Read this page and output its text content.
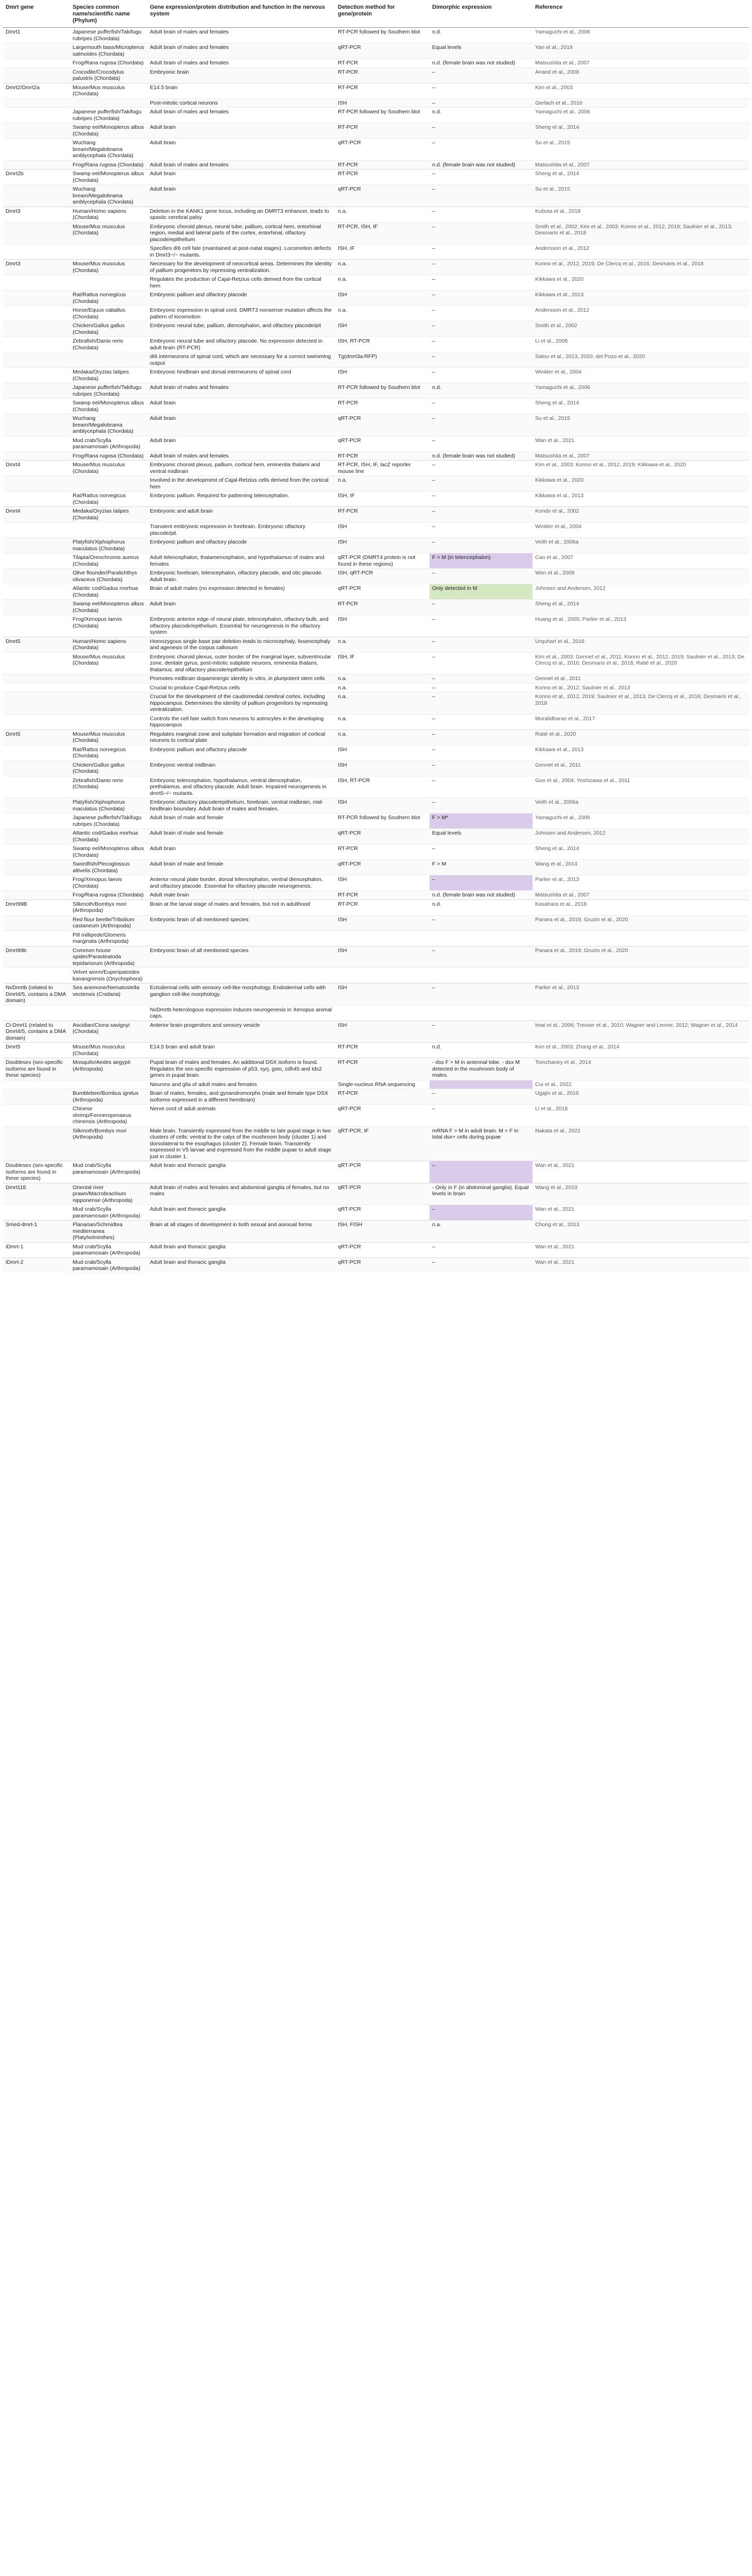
Dmrt gene	Species common name/scientific name (Phylum)	Gene expression/protein distribution and function in the nervous system	Detection method for gene/protein	Dimorphic expression	Reference
Dmrt1	Japanese pufferfish/Takifugu rubripes (Chordata)	Adult brain of males and females	RT-PCR followed by Southern blot	n.d.	Yamaguchi et al., 2006
	Largemouth bass/Micropterus salmoides (Chordata)	Adult brain of males and females	qRT-PCR	Equal levels	Yan et al., 2019
	Frog/Rana rugosa (Chordata)	Adult brain of males and females	RT-PCR	n.d. (female brain was not studied)	Matsushita et al., 2007
	Crocodile/Crocodylus palustris (Chordata)	Embryonic brain	RT-PCR	–	Anand et al., 2008
Dmrt2/Dmrt2a	Mouse/Mus musculus (Chordata)	E14.5 brain	RT-PCR	–	Kim et al., 2003
		Post-mitotic cortical neurons	ISH	–	Gerlach et al., 2016
	Japanese pufferfish/Takifugu rubripes (Chordata)	Adult brain of males and females	RT-PCR followed by Southern blot	n.d.	Yamaguchi et al., 2006
	Swamp eel/Monopterus albus (Chordata)	Adult brain	RT-PCR	–	Sheng et al., 2014
	Wuchang bream/Megalobrama amblycephala (Chordata)	Adult brain	qRT-PCR	–	Su et al., 2015
	Frog/Rana rugosa (Chordata)	Adult brain of males and females	RT-PCR	n.d. (female brain was not studied)	Matsushita et al., 2007
Dmrt2b	Swamp eel/Monopterus albus (Chordata)	Adult brain	RT-PCR	–	Sheng et al., 2014
	Wuchang bream/Megalobrama amblycephala (Chordata)	Adult brain	qRT-PCR	–	Su et al., 2015
Dmrt3	Human/Homo sapiens (Chordata)	Deletion in the KANK1 gene locus, including an DMRT3 enhancer, leads to spastic cerebral palsy	n.a.	–	Kubota et al., 2018
	Mouse/Mus musculus (Chordata)	Embryonic choroid plexus, neural tube, pallium, cortical hem, entorhinal region, medial and lateral parts of the cortex, entorhinal, olfactory placode/epithelium	RT-PCR, ISH, IF	–	Smith et al., 2002; Kim et al., 2003; Konno et al., 2012, 2019; Saulnier et al., 2013; Desmaris et al., 2018
		Specifies dI6 cell fate (maintained at post-natal stages). Locomotion defects in Dmrt3−/− mutants.	ISH, IF	–	Andersson et al., 2012
Dmrt3	Mouse/Mus musculus (Chordata)	Necessary for the development of neocortical areas. Determines the identity of pallium progenitors by repressing ventralization.	n.a.	–	Konno et al., 2012, 2019; De Clercq et al., 2016; Desmaris et al., 2018
		Regulates the production of Cajal-Retzius cells derived from the cortical hem	n.a.	–	Kikkawa et al., 2020
	Rat/Rattus norvegicus (Chordata)	Embryonic pallium and olfactory placode	ISH	–	Kikkawa et al., 2013
	Horse/Equus caballus (Chordata)	Embryonic expression in spinal cord. DMRT3 nonsense mutation affects the pattern of locomotion	n.a.	–	Andersson et al., 2012
	Chicken/Gallus gallus (Chordata)	Embryonic neural tube, pallium, diencephalon, and olfactory placode/pit	ISH	–	Smith et al., 2002
	Zebrafish/Danio rerio (Chordata)	Embryonic neural tube and olfactory placode. No expression detected in adult brain (RT-PCR)	ISH, RT-PCR	–	Li et al., 2008
		dI6 interneurons of spinal cord, which are necessary for a correct swimming output	Tg(dmrt3a:RFP)	–	Satou et al., 2013, 2020; del Pozo et al., 2020
	Medaka/Oryzias latipes (Chordata)	Embryonic hindbrain and dorsal interneurons of spinal cord	ISH	–	Winkler et al., 2004
	Japanese pufferfish/Takifugu rubripes (Chordata)	Adult brain of males and females	RT-PCR followed by Southern blot	n.d.	Yamaguchi et al., 2006
	Swamp eel/Monopterus albus (Chordata)	Adult brain	RT-PCR	–	Sheng et al., 2014
	Wuchang bream/Megalobrama amblycephala (Chordata)	Adult brain	qRT-PCR	–	Su et al., 2015
	Mud crab/Scylla paramamosain (Arthropoda)	Adult brain	qRT-PCR	–	Wan et al., 2021
	Frog/Rana rugosa (Chordata)	Adult brain of males and females	RT-PCR	n.d. (female brain was not studied)	Matsushita et al., 2007
Dmrt4	Mouse/Mus musculus (Chordata)	Embryonic choroid plexus, pallium, cortical hem, eminentia thalami and ventral midbrain	RT-PCR, ISH, IF, lacZ reporter mouse line	–	Kim et al., 2003; Konno et al., 2012, 2019; Kikkawa et al., 2020
		Involved in the development of Cajal-Retzius cells derived from the cortical hem	n.a.	–	Kikkawa et al., 2020
	Rat/Rattus norvegicus (Chordata)	Embryonic pallium. Required for patterning telencephalon.	ISH, IF	–	Kikkawa et al., 2013
Dmrt4	Medaka/Oryzias latipes (Chordata)	Embryonic and adult brain	RT-PCR	–	Kondo et al., 2002
		Transient embryonic expression in forebrain. Embryonic olfactory placode/pit.	ISH	–	Winkler et al., 2004
	Platyfish/Xiphophorus maculatus (Chordata)	Embryonic pallium and olfactory placode	ISH	–	Veith et al., 2006a
	Tilapia/Oreochromis aureus (Chordata)	Adult telencephalon, thalamencephalon, and hypothalamus of males and females	qRT-PCR (DMRT4 protein is not found in these regions)	F > M (in telencephalon)	Cao et al., 2007
	Olive flounder/Paralichthys olivaceus (Chordata)	Embryonic forebrain, telencephalon, olfactory placode, and otic placode. Adult brain.	ISH, qRT-PCR	–	Wen et al., 2009
	Atlantic cod/Gadus morhua (Chordata)	Brain of adult males (no expression detected in females)	qRT-PCR	Only detected in M	Johnsen and Andersen, 2012
	Swamp eel/Monopterus albus (Chordata)	Adult brain	RT-PCR	–	Sheng et al., 2014
	Frog/Xenopus laevis (Chordata)	Embryonic anterior edge of neural plate, telencephalon, olfactory bulb, and olfactory placode/epithelium. Essential for neurogenesis in the olfactory system	ISH	–	Huang et al., 2005; Parlier et al., 2013
Dmrt5	Human/Homo sapiens (Chordata)	Homozygous single base pair deletion leads to microcephaly, lissencephaly and agenesis of the corpus callosum	n.a.	–	Urquhart et al., 2016
	Mouse/Mus musculus (Chordata)	Embryonic choroid plexus, outer border of the marginal layer, subventricular zone, dentate gyrus, post-mitotic subplate neurons, eminentia thalami, thalamus, and olfactory placode/epithelium	ISH, IF	–	Kim et al., 2003; Gennet et al., 2011; Konno et al., 2012, 2019; Saulnier et al., 2013; De Clercq et al., 2016; Desmaris et al., 2018; Ratié et al., 2020
		Promotes midbrain dopaminergic identity in vitro, in pluripotent stem cells	n.a.	–	Gennet et al., 2011
		Crucial to produce Cajal-Retzius cells	n.a.	–	Konno et al., 2012; Saulnier et al., 2013
		Crucial for the development of the caudomedial cerebral cortex, including hippocampus. Determines the identity of pallium progenitors by repressing ventralization.	n.a.	–	Konno et al., 2012, 2019; Saulnier et al., 2013; De Clercq et al., 2016; Desmaris et al., 2018
		Controls the cell fate switch from neurons to astrocytes in the developing hippocampus	n.a.	–	Muralidharan et al., 2017
Dmrt5	Mouse/Mus musculus (Chordata)	Regulates marginal zone and subplate formation and migration of cortical neurons to cortical plate	n.a.	–	Ratié et al., 2020
	Rat/Rattus norvegicus (Chordata)	Embryonic pallium and olfactory placode	ISH	–	Kikkawa et al., 2013
	Chicken/Gallus gallus (Chordata)	Embryonic ventral midbrain	ISH	–	Gennet et al., 2011
	Zebrafish/Danio rerio (Chordata)	Embryonic telencephalon, hypothalamus, ventral diencephalon, prethalamus, and olfactory placode. Adult brain. Impaired neurogenesis in dmrt5−/− mutants.	ISH, RT-PCR	–	Guo et al., 2004; Yoshizawa et al., 2011
	Platyfish/Xiphophorus maculatus (Chordata)	Embryonic olfactory placode/epithelium, forebrain, ventral midbrain, mid-hindbrain boundary. Adult brain of males and females.	ISH	–	Veith et al., 2006a
	Japanese pufferfish/Takifugu rubripes (Chordata)	Adult brain of male and female	RT-PCR followed by Southern blot	F > M*	Yamaguchi et al., 2006
	Atlantic cod/Gadus morhua (Chordata)	Adult brain of male and female	qRT-PCR	Equal levels	Johnsen and Andersen, 2012
	Swamp eel/Monopterus albus (Chordata)	Adult brain	RT-PCR	–	Sheng et al., 2014
	Swordfish/Plecoglossus altivelis (Chordata)	Adult brain of male and female	qRT-PCR	F > M	Wang et al., 2014
	Frog/Xenopus laevis (Chordata)	Anterior neural plate border, dorsal telencephalon, ventral diencephalon, and olfactory placode. Essential for olfactory placode neurogenesis.	ISH	–	Parlier et al., 2013
	Frog/Rana rugosa (Chordata)	Adult male brain	RT-PCR	n.d. (female brain was not studied)	Matsushita et al., 2007
Dmrt99B	Silkmoth/Bombyx mori (Arthropoda)	Brain at the larval stage of males and females, but not in adulthood	RT-PCR	n.d.	Kasahara et al., 2018
	Red flour beetle/Tribolium castaneum (Arthropoda)	Embryonic brain of all mentioned species	ISH	–	Panara et al., 2019; Gruzin et al., 2020
	Pill millipede/Glomeris marginata (Arthropoda)				
Dmrt99b	Common house spider/Parasteatoda tepidariorum (Arthropoda)	Embryonic brain of all mentioned species	ISH	–	Panara et al., 2019; Gruzin et al., 2020
	Velvet worm/Euperipatoides kanangrensis (Onychophora)				
NvDmrtb (related to Dmrt4/5, contains a DMA domain)	Sea anemone/Nematostella vectensis (Cnidaria)	Ectodermal cells with sensory cell-like morphology. Endodermal cells with ganglion cell-like morphology.	ISH	–	Parlier et al., 2013
		NvDmrtb heterologous expression induces neurogenesis in Xenopus animal caps.			
Ci-Dmrt1 (related to Dmrt4/5, contains a DMA domain)	Ascidian/Ciona savignyi (Chordata)	Anterior brain progenitors and sensory vesicle	ISH	–	Imai et al., 2006; Tresser et al., 2010; Wagner and Levine, 2012; Wagner et al., 2014
Dmrt5	Mouse/Mus musculus (Chordata)	E14.5 brain and adult brain	RT-PCR	n.d.	Kim et al., 2003; Zhang et al., 2014
Doublesex (sex-specific isoforms are found in these species)	Mosquito/Aedes aegypti (Arthropoda)	Pupal brain of males and females. An additional DSX isoform is found. Regulates the sex-specific expression of p53, syrj, gsto, cdh45 and Ids2 genes in pupal brain.	RT-PCR	- dsx F > M in antennal lobe. - dsx M detected in the mushroom body of males.	Tomchaney et al., 2014
		Neurons and glia of adult males and females	Single-nucleus RNA sequencing		Cui et al., 2022
	Bumblebee/Bombus ignitus (Arthropoda)	Brain of males, females, and gynandromorphs (male and female type DSX isoforms expressed in a different hemibrain)	RT-PCR	–	Ugajin et al., 2016
	Chinese shrimp/Fenneropenaeus chinensis (Arthropoda)	Nerve cord of adult animals	qRT-PCR	–	Li et al., 2018
	Silkmoth/Bombyx mori (Arthropoda)	Male brain. Transiently expressed from the middle to late pupal stage in two clusters of cells: ventral to the calyx of the mushroom body (cluster 1) and dorsolateral to the esophagus (cluster 2). Female brain. Transiently expressed in V5 larvae and expressed from the middle pupae to adult stage just in cluster 1.	qRT-PCR, IF	mRNA F > M in adult brain. M > F in total dsx+ cells during pupae	Nakata et al., 2021
Doublesex (sex-specific isoforms are found in these species)	Mud crab/Scylla paramamosain (Arthropoda)	Adult brain and thoracic ganglia	qRT-PCR	–	Wan et al., 2021
Dmrt11E	Oriental river prawn/Macrobrachium nipponense (Arthropoda)	Adult brain of males and females and abdominal ganglia of females, but no males	qRT-PCR	- Only in F (in abdominal ganglia). Equal levels in brain	Wang et al., 2019
	Mud crab/Scylla paramamosain (Arthropoda)	Adult brain and thoracic ganglia	qRT-PCR	–	Wan et al., 2021
Smed-dmrt-1	Planarian/Schmidtea mediterranea (Platyhelminthes)	Brain at all stages of development in both sexual and asexual forms	ISH, FISH	n.a.	Chong et al., 2013
iDmrt-1	Mud crab/Scylla paramamosain (Arthropoda)	Adult brain and thoracic ganglia	qRT-PCR	–	Wan et al., 2021
iDmrt-2	Mud crab/Scylla paramamosain (Arthropoda)	Adult brain and thoracic ganglia	qRT-PCR	–	Wan et al., 2021
